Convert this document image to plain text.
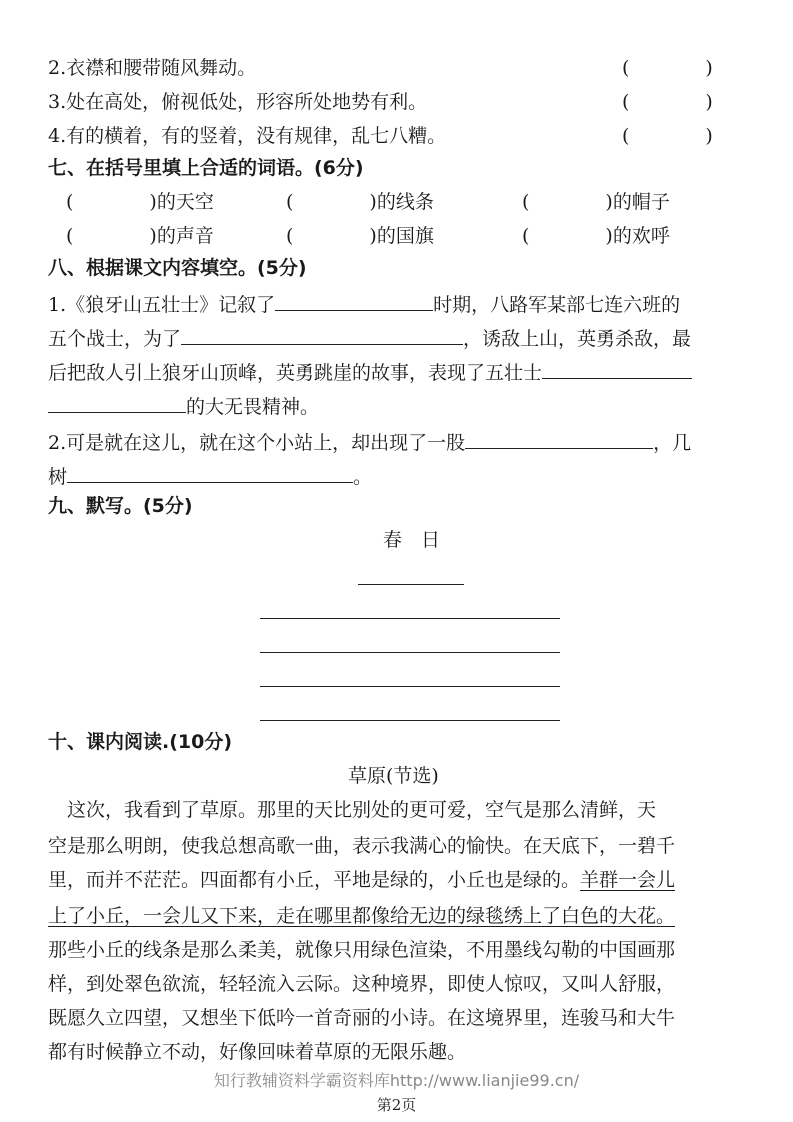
2.衣襟和腰带随风舞动。	(　　　　)
3.处在高处，俯视低处，形容所处地势有利。	(　　　　)
4.有的横着，有的竖着，没有规律，乱七八糟。	(　　　　)
七、在括号里填上合适的词语。(6分)
(　　　　)的天空	(　　　　)的线条	(　　　　)的帽子
(　　　　)的声音	(　　　　)的国旗	(　　　　)的欢呼
八、根据课文内容填空。(5分)
1.《狼牙山五壮士》记叙了	时期，八路军某部七连六班的
五个战士，为了	，诱敌上山，英勇杀敌，最
后把敌人引上狼牙山顶峰，英勇跳崖的故事，表现了五壮士
的大无畏精神。
2.可是就在这儿，就在这个小站上，却出现了一股	，几
树	。
九、默写。(5分)
春　日
十、课内阅读.(10分)
草原(节选)
　这次，我看到了草原。那里的天比别处的更可爱，空气是那么清鲜，天
空是那么明朗，使我总想高歌一曲，表示我满心的愉快。在天底下，一碧千
里，而并不茫茫。四面都有小丘，平地是绿的，小丘也是绿的。羊群一会儿
上了小丘，一会儿又下来，走在哪里都像给无边的绿毯绣上了白色的大花。
那些小丘的线条是那么柔美，就像只用绿色渲染，不用墨线勾勒的中国画那
样，到处翠色欲流，轻轻流入云际。这种境界，即使人惊叹，又叫人舒服，
既愿久立四望，又想坐下低吟一首奇丽的小诗。在这境界里，连骏马和大牛
都有时候静立不动，好像回味着草原的无限乐趣。
知行教辅资料学霸资料库http://www.lianjie99.cn/
第2页
